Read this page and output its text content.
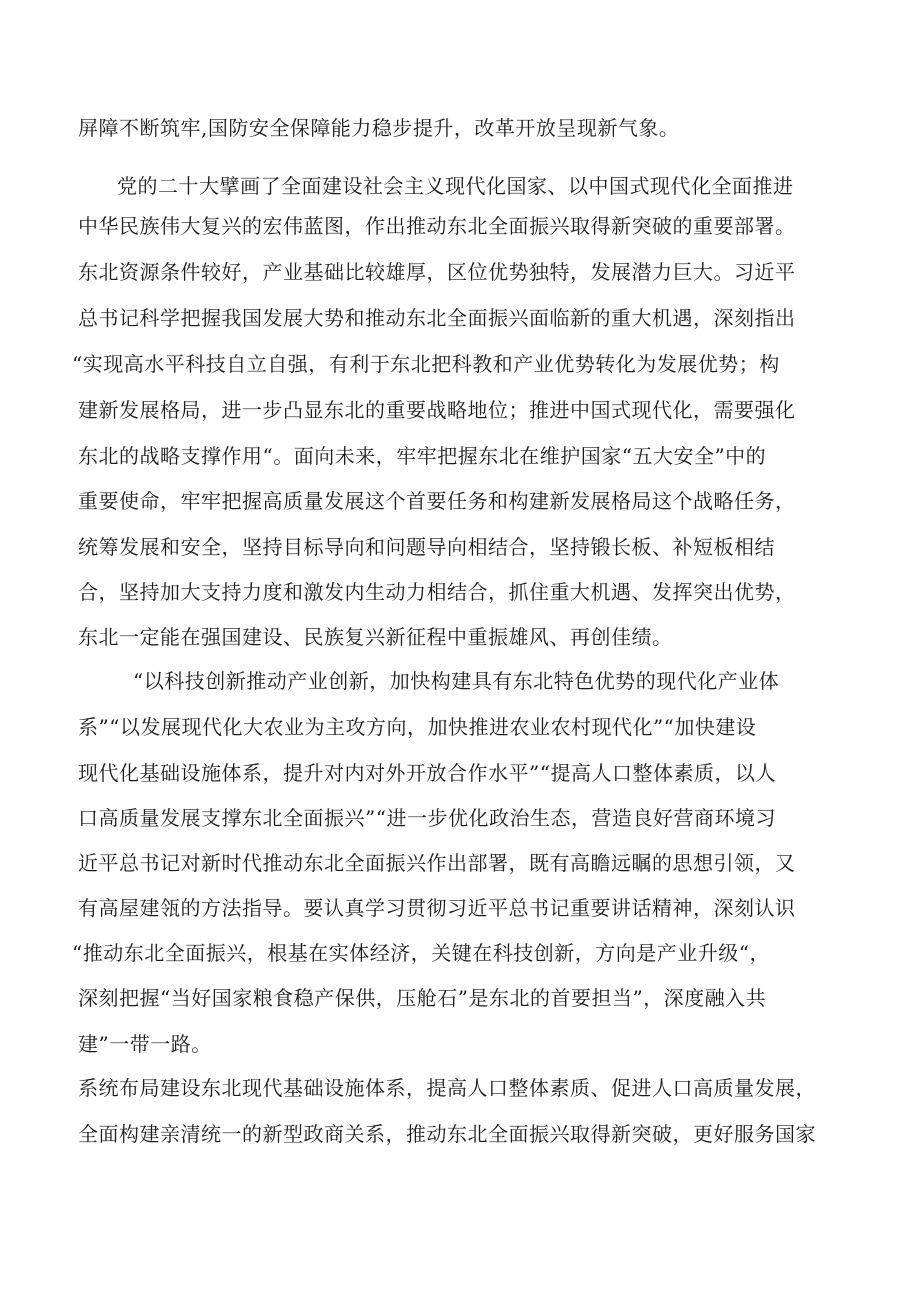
屏障不断筑牢,国防安全保障能力稳步提升，改革开放呈现新气象。
党的二十大擘画了全面建设社会主义现代化国家、以中国式现代化全面推进
中华民族伟大复兴的宏伟蓝图，作出推动东北全面振兴取得新突破的重要部署。
东北资源条件较好，产业基础比较雄厚，区位优势独特，发展潜力巨大。习近平
总书记科学把握我国发展大势和推动东北全面振兴面临新的重大机遇，深刻指出
“实现高水平科技自立自强，有利于东北把科教和产业优势转化为发展优势；构
建新发展格局，进一步凸显东北的重要战略地位；推进中国式现代化，需要强化
东北的战略支撑作用“。面向未来，牢牢把握东北在维护国家“五大安全”中的
重要使命，牢牢把握高质量发展这个首要任务和构建新发展格局这个战略任务，
统筹发展和安全，坚持目标导向和问题导向相结合，坚持锻长板、补短板相结
合，坚持加大支持力度和激发内生动力相结合，抓住重大机遇、发挥突出优势，
东北一定能在强国建设、民族复兴新征程中重振雄风、再创佳绩。
“以科技创新推动产业创新，加快构建具有东北特色优势的现代化产业体
系”“以发展现代化大农业为主攻方向，加快推进农业农村现代化”“加快建设
现代化基础设施体系，提升对内对外开放合作水平”“提高人口整体素质，以人
口高质量发展支撑东北全面振兴”“进一步优化政治生态，营造良好营商环境习
近平总书记对新时代推动东北全面振兴作出部署，既有高瞻远瞩的思想引领，又
有高屋建瓴的方法指导。要认真学习贯彻习近平总书记重要讲话精神，深刻认识
“推动东北全面振兴，根基在实体经济，关键在科技创新，方向是产业升级“，
深刻把握“当好国家粮食稳产保供，压舱石”是东北的首要担当”，深度融入共
建”一带一路。
系统布局建设东北现代基础设施体系，提高人口整体素质、促进人口高质量发展，
全面构建亲清统一的新型政商关系，推动东北全面振兴取得新突破，更好服务国家
